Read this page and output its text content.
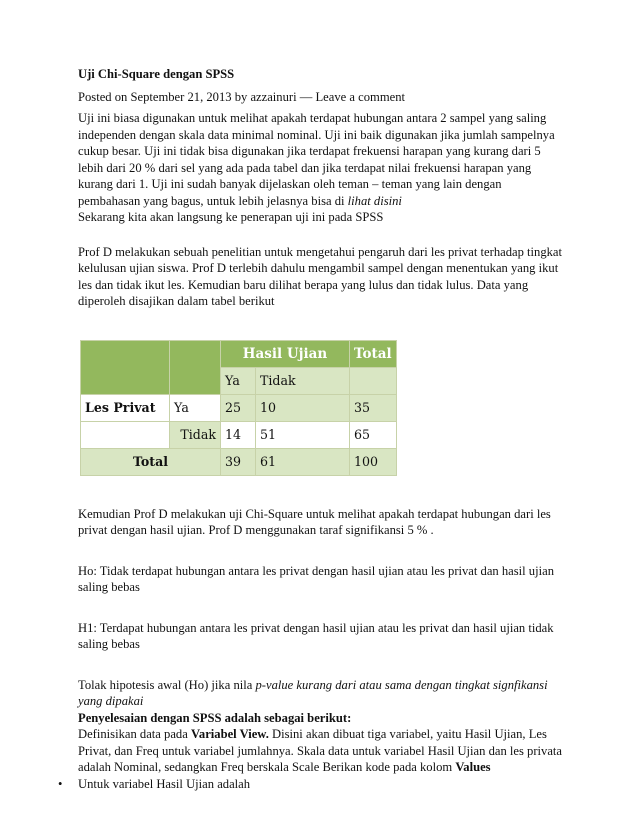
Uji Chi-Square dengan SPSS

Posted on September 21, 2013 by azzainuri — Leave a comment

Uji ini biasa digunakan untuk melihat apakah terdapat hubungan antara 2 sampel yang saling independen dengan skala data minimal nominal. Uji ini baik digunakan jika jumlah sampelnya cukup besar. Uji ini tidak bisa digunakan jika terdapat frekuensi harapan yang kurang dari 5 lebih dari 20 % dari sel yang ada pada tabel dan jika terdapat nilai frekuensi harapan yang kurang dari 1. Uji ini sudah banyak dijelaskan oleh teman – teman yang lain dengan pembahasan yang bagus, untuk lebih jelasnya bisa di lihat disini

Sekarang kita akan langsung ke penerapan uji ini pada SPSS

Prof D melakukan sebuah penelitian untuk mengetahui pengaruh dari les privat terhadap tingkat kelulusan ujian siswa. Prof D terlebih dahulu mengambil sampel dengan menentukan yang ikut les dan tidak ikut les. Kemudian baru dilihat berapa yang lulus dan tidak lulus. Data yang diperoleh disajikan dalam tabel berikut

		Hasil Ujian		Total
		Ya	Tidak	
Les Privat	Ya	25	10	35
	Tidak	14	51	65
Total		39	61	100

Kemudian Prof D melakukan uji Chi-Square untuk melihat apakah terdapat hubungan dari les privat dengan hasil ujian. Prof D menggunakan taraf signifikansi 5 % .

Ho: Tidak terdapat hubungan antara les privat dengan hasil ujian atau les privat dan hasil ujian saling bebas

H1: Terdapat hubungan antara les privat dengan hasil ujian atau les privat dan hasil ujian tidak saling bebas

Tolak hipotesis awal (Ho) jika nila p-value kurang dari atau sama dengan tingkat signfikansi yang dipakai

Penyelesaian dengan SPSS adalah sebagai berikut:

Definisikan data pada Variabel View. Disini akan dibuat tiga variabel, yaitu Hasil Ujian, Les Privat, dan Freq untuk variabel jumlahnya. Skala data untuk variabel Hasil Ujian dan les privata adalah Nominal, sedangkan Freq berskala Scale Berikan kode pada kolom Values

• Untuk variabel Hasil Ujian adalah
